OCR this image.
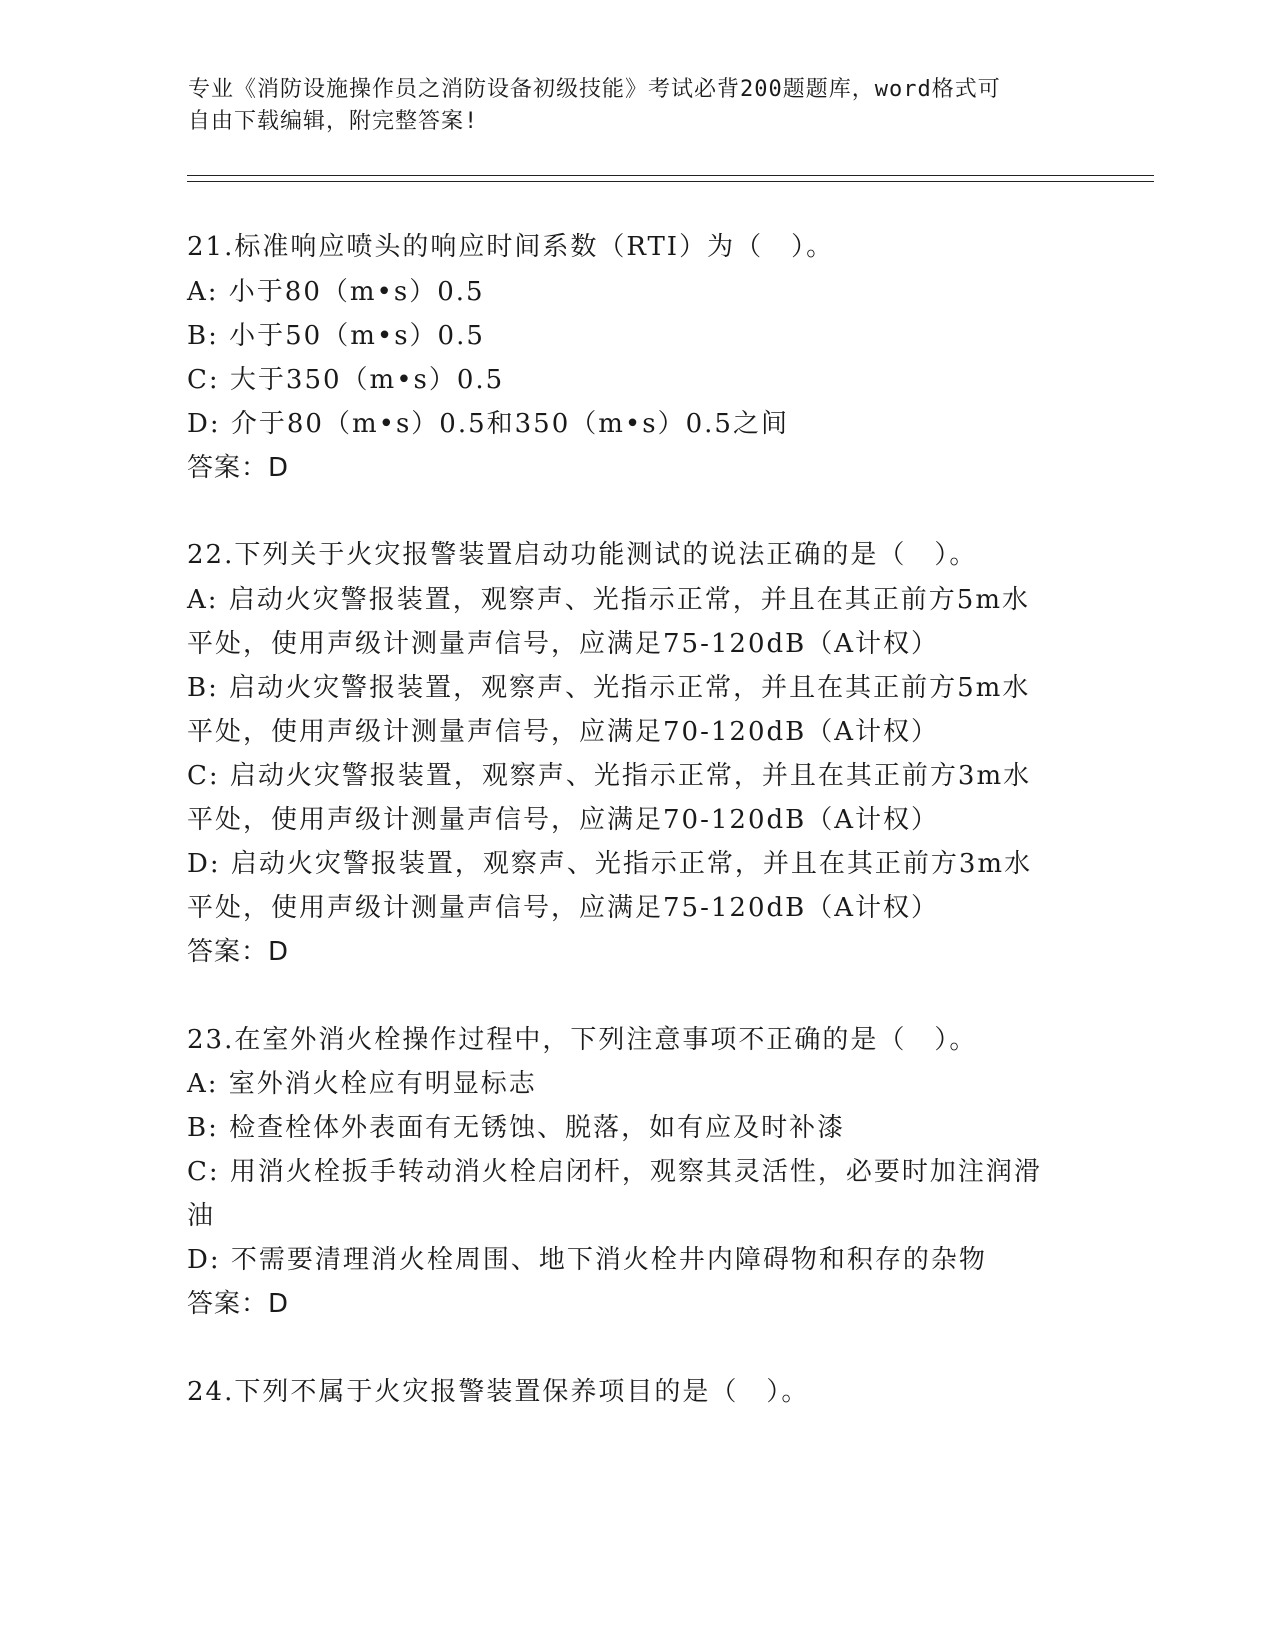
专业《消防设施操作员之消防设备初级技能》考试必背200题题库，word格式可
自由下载编辑，附完整答案!
21.标准响应喷头的响应时间系数（RTI）为（　）。
A: 小于80（m•s）0.5
B: 小于50（m•s）0.5
C: 大于350（m•s）0.5
D: 介于80（m•s）0.5和350（m•s）0.5之间
答案：D
22.下列关于火灾报警装置启动功能测试的说法正确的是（　）。
A: 启动火灾警报装置，观察声、光指示正常，并且在其正前方5m水
平处，使用声级计测量声信号，应满足75-120dB（A计权）
B: 启动火灾警报装置，观察声、光指示正常，并且在其正前方5m水
平处，使用声级计测量声信号，应满足70-120dB（A计权）
C: 启动火灾警报装置，观察声、光指示正常，并且在其正前方3m水
平处，使用声级计测量声信号，应满足70-120dB（A计权）
D: 启动火灾警报装置，观察声、光指示正常，并且在其正前方3m水
平处，使用声级计测量声信号，应满足75-120dB（A计权）
答案：D
23.在室外消火栓操作过程中，下列注意事项不正确的是（　）。
A: 室外消火栓应有明显标志
B: 检查栓体外表面有无锈蚀、脱落，如有应及时补漆
C: 用消火栓扳手转动消火栓启闭杆，观察其灵活性，必要时加注润滑
油
D: 不需要清理消火栓周围、地下消火栓井内障碍物和积存的杂物
答案：D
24.下列不属于火灾报警装置保养项目的是（　）。
